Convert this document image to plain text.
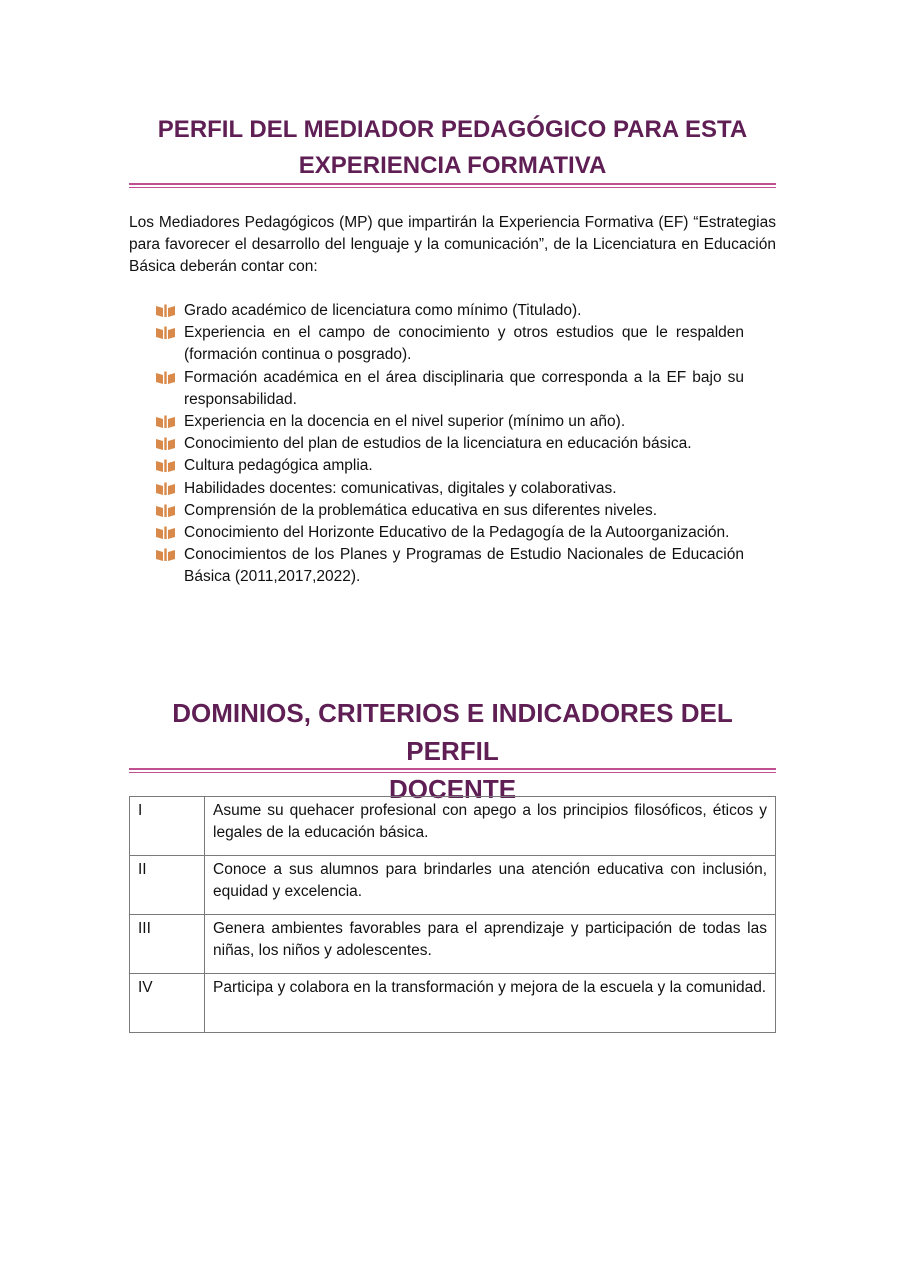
PERFIL DEL MEDIADOR PEDAGÓGICO PARA ESTA
EXPERIENCIA FORMATIVA

Los Mediadores Pedagógicos (MP) que impartirán la Experiencia Formativa (EF) “Estrategias para favorecer el desarrollo del lenguaje y la comunicación”, de la Licenciatura en Educación Básica deberán contar con:

Grado académico de licenciatura como mínimo (Titulado).
Experiencia en el campo de conocimiento y otros estudios que le respalden (formación continua o posgrado).
Formación académica en el área disciplinaria que corresponda a la EF bajo su responsabilidad.
Experiencia en la docencia en el nivel superior (mínimo un año).
Conocimiento del plan de estudios de la licenciatura en educación básica.
Cultura pedagógica amplia.
Habilidades docentes: comunicativas, digitales y colaborativas.
Comprensión de la problemática educativa en sus diferentes niveles.
Conocimiento del Horizonte Educativo de la Pedagogía de la Autoorganización.
Conocimientos de los Planes y Programas de Estudio Nacionales de Educación Básica (2011,2017,2022).
DOMINIOS, CRITERIOS E INDICADORES DEL PERFIL
DOCENTE
I	Asume su quehacer profesional con apego a los principios filosóficos, éticos y legales de la educación básica.
II	Conoce a sus alumnos para brindarles una atención educativa con inclusión, equidad y excelencia.
III	Genera ambientes favorables para el aprendizaje y participación de todas las niñas, los niños y adolescentes.
IV	Participa y colabora en la transformación y mejora de la escuela y la comunidad.
